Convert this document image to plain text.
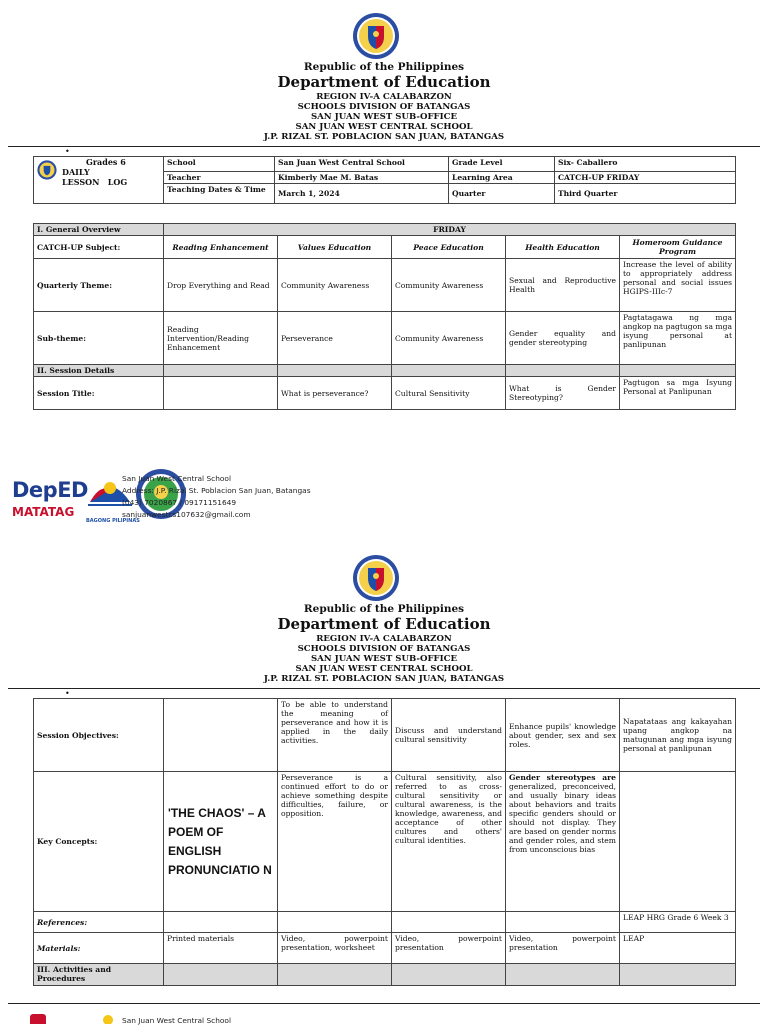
Republic of the Philippines
Department of Education
REGION IV-A CALABARZON
SCHOOLS DIVISION OF BATANGAS
SAN JUAN WEST SUB-OFFICE
SAN JUAN WEST CENTRAL SCHOOL
J.P. RIZAL ST. POBLACION SAN JUAN, BATANGAS
•
Grades 6
DAILY
LESSON   LOG	School	San Juan West Central School	Grade Level	Six- Caballero
	Teacher	Kimberly Mae M. Batas	Learning Area	CATCH-UP FRIDAY
	Teaching Dates & Time	March 1, 2024	Quarter	Third Quarter
I. General Overview	FRIDAY				
CATCH-UP Subject:	Reading Enhancement	Values Education	Peace Education	Health Education	Homeroom Guidance Program
Quarterly Theme:	Drop Everything and Read	Community Awareness	Community Awareness	Sexual and Reproductive Health	Increase the level of ability to appropriately address personal and social issues HGIPS-IIIc-7
Sub-theme:	Reading Intervention/Reading Enhancement	Perseverance	Community Awareness	Gender equality and gender stereotyping	Pagtatagawa ng mga angkop na pagtugon sa mga isyung personal at panlipunan
II. Session Details					
Session Title:		What is perseverance?	Cultural Sensitivity	What is Gender Stereotyping?	Pagtugon sa mga Isyung Personal at Panlipunan
DepED
MATATAG
BAGONG PILIPINAS
San Juan West Central School
Address: J.P. Rizal St. Poblacion San Juan, Batangas
(043) 7020867 / 09171151649
sanjuanwestcs107632@gmail.com
Republic of the Philippines
Department of Education
REGION IV-A CALABARZON
SCHOOLS DIVISION OF BATANGAS
SAN JUAN WEST SUB-OFFICE
SAN JUAN WEST CENTRAL SCHOOL
J.P. RIZAL ST. POBLACION SAN JUAN, BATANGAS
•
Session Objectives:		To be able to understand the meaning of perseverance and how it is applied in the daily activities.	Discuss and understand cultural sensitivity	Enhance pupils' knowledge about gender, sex and sex roles.	Napatataas ang kakayahan upang angkop na matugunan ang mga isyung personal at panlipunan
Key Concepts:	'THE CHAOS' – A POEM OF ENGLISH PRONUNCIATIO N	Perseverance is a continued effort to do or achieve something despite difficulties, failure, or opposition.	Cultural sensitivity, also referred to as cross-cultural sensitivity or cultural awareness, is the knowledge, awareness, and acceptance of other cultures and others' cultural identities.	Gender stereotypes are generalized, preconceived, and usually binary ideas about behaviors and traits specific genders should or should not display. They are based on gender norms and gender roles, and stem from unconscious bias	
References:					LEAP HRG Grade 6 Week 3
Materials:	Printed materials	Video, powerpoint presentation, worksheet	Video, powerpoint presentation	Video, powerpoint presentation	LEAP
III. Activities and Procedures					
San Juan West Central School
